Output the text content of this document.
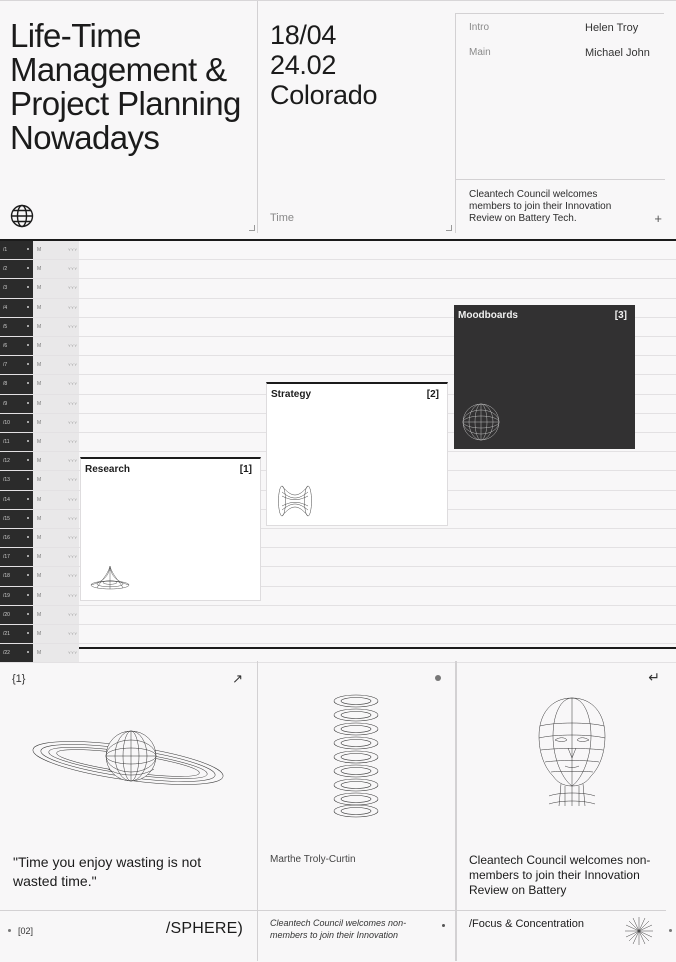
Life-Time Management & Project Planning Nowadays
18/04
24.02
Colorado
Time
Intro	Helen Troy
Main	Michael John
Cleantech Council welcomes members to join their Innovation Review on Battery Tech.	+
/1	M	YYY
/2	M	YYY
/3	M	YYY
/4	M	YYY
/5	M	YYY
/6	M	YYY
/7	M	YYY
/8	M	YYY
/9	M	YYY
/10	M	YYY
/11	M	YYY
/12	M	YYY
/13	M	YYY
/14	M	YYY
/15	M	YYY
/16	M	YYY
/17	M	YYY
/18	M	YYY
/19	M	YYY
/20	M	YYY
/21	M	YYY
/22	M	YYY
Research	[1]
Strategy	[2]
Moodboards	[3]
{1}	↗
"Time you enjoy wasting is not wasted time."
[02]	/SPHERE)
Marthe Troly-Curtin
Cleantech Council welcomes non-members to join their Innovation
↵
Cleantech Council welcomes non-members to join their Innovation Review on Battery
/Focus & Concentration
